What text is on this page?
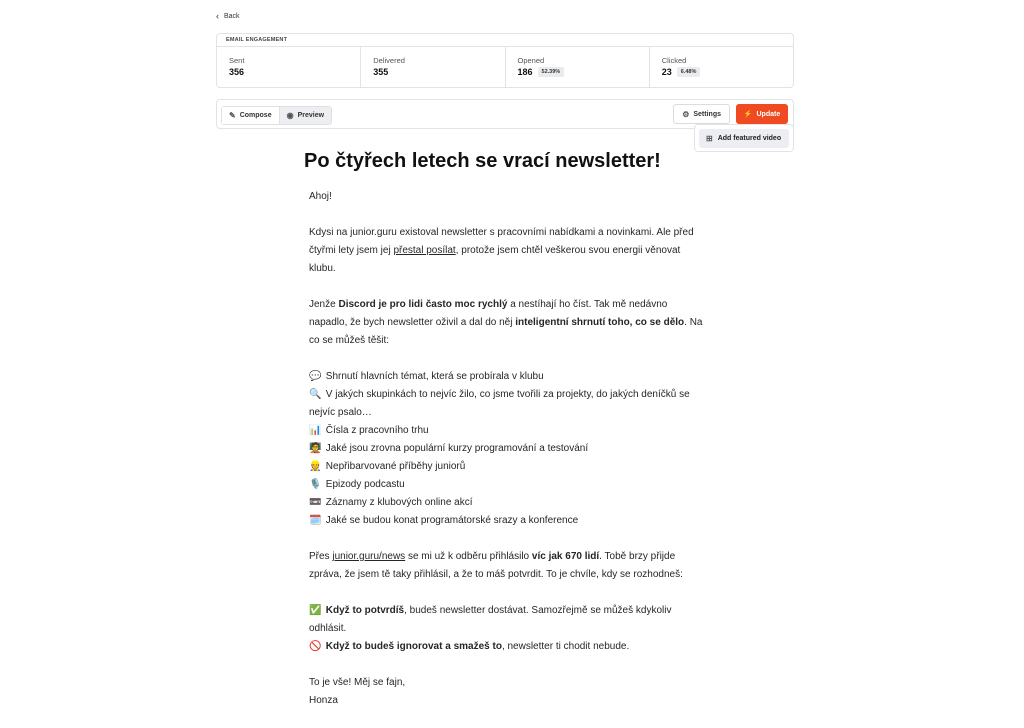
‹ Back
EMAIL ENGAGEMENT
Sent
356
Delivered
355
Opened
186	52.39%
Clicked
23	6.48%
✎ Compose ◉ Preview	⚙ Settings	⚡ Update
⊞ Add featured video
Po čtyřech letech se vrací newsletter!

Ahoj!

Kdysi na junior.guru existoval newsletter s pracovními nabídkami a novinkami. Ale před čtyřmi lety jsem jej přestal posílat, protože jsem chtěl veškerou svou energii věnovat klubu.

Jenže Discord je pro lidi často moc rychlý a nestíhají ho číst. Tak mě nedávno napadlo, že bych newsletter oživil a dal do něj inteligentní shrnutí toho, co se dělo. Na co se můžeš těšit:

💬 Shrnutí hlavních témat, která se probírala v klubu
🔍 V jakých skupinkách to nejvíc žilo, co jsme tvořili za projekty, do jakých deníčků se nejvíc psalo…
📊 Čísla z pracovního trhu
🧑‍🏫 Jaké jsou zrovna populární kurzy programování a testování
👷 Nepřibarvované příběhy juniorů
🎙️ Epizody podcastu
📼 Záznamy z klubových online akcí
🗓️ Jaké se budou konat programátorské srazy a konference

Přes junior.guru/news se mi už k odběru přihlásilo víc jak 670 lidí. Tobě brzy přijde zpráva, že jsem tě taky přihlásil, a že to máš potvrdit. To je chvíle, kdy se rozhodneš:

✅ Když to potvrdíš, budeš newsletter dostávat. Samozřejmě se můžeš kdykoliv odhlásit.
🚫 Když to budeš ignorovat a smažeš to, newsletter ti chodit nebude.

To je vše! Měj se fajn,
Honza
